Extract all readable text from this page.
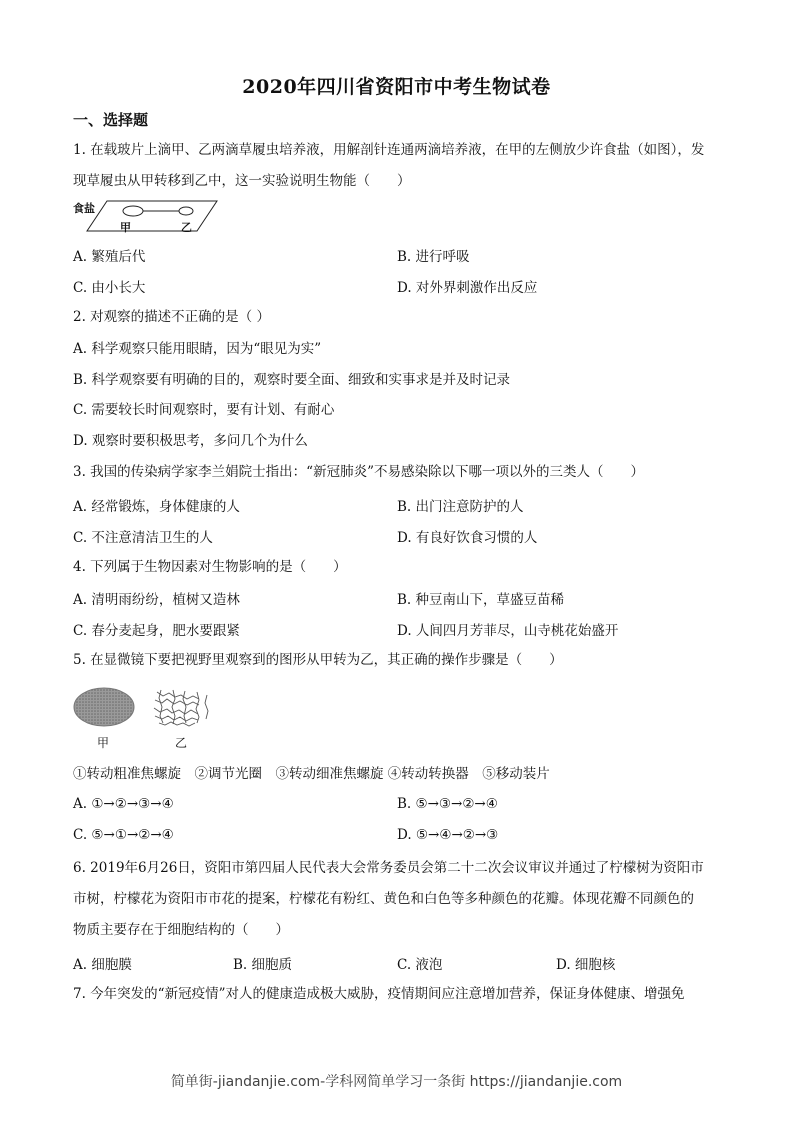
2020年四川省资阳市中考生物试卷
一、选择题
1. 在载玻片上滴甲、乙两滴草履虫培养液，用解剖针连通两滴培养液，在甲的左侧放少许食盐（如图），发
现草履虫从甲转移到乙中，这一实验说明生物能（　　）
食盐
甲	乙
A. 繁殖后代	B. 进行呼吸
C. 由小长大	D. 对外界刺激作出反应
2. 对观察的描述不正确的是（ ）
A. 科学观察只能用眼睛，因为“眼见为实”
B. 科学观察要有明确的目的，观察时要全面、细致和实事求是并及时记录
C. 需要较长时间观察时，要有计划、有耐心
D. 观察时要积极思考，多问几个为什么
3. 我国的传染病学家李兰娟院士指出：“新冠肺炎”不易感染除以下哪一项以外的三类人（　　）
A. 经常锻炼，身体健康的人	B. 出门注意防护的人
C. 不注意清洁卫生的人	D. 有良好饮食习惯的人
4. 下列属于生物因素对生物影响的是（　　）
A. 清明雨纷纷，植树又造林	B. 种豆南山下，草盛豆苗稀
C. 春分麦起身，肥水要跟紧	D. 人间四月芳菲尽，山寺桃花始盛开
5. 在显微镜下要把视野里观察到的图形从甲转为乙，其正确的操作步骤是（　　）
甲	乙
①转动粗准焦螺旋　②调节光圈　③转动细准焦螺旋 ④转动转换器　⑤移动装片
A. ①→②→③→④	B. ⑤→③→②→④
C. ⑤→①→②→④	D. ⑤→④→②→③
6. 2019年6月26日，资阳市第四届人民代表大会常务委员会第二十二次会议审议并通过了柠檬树为资阳市
市树，柠檬花为资阳市市花的提案，柠檬花有粉红、黄色和白色等多种颜色的花瓣。体现花瓣不同颜色的
物质主要存在于细胞结构的（　　）
A. 细胞膜	B. 细胞质	C. 液泡	D. 细胞核
7. 今年突发的“新冠疫情”对人的健康造成极大威胁，疫情期间应注意增加营养，保证身体健康、增强免
简单街-jiandanjie.com-学科网简单学习一条街 https://jiandanjie.com
